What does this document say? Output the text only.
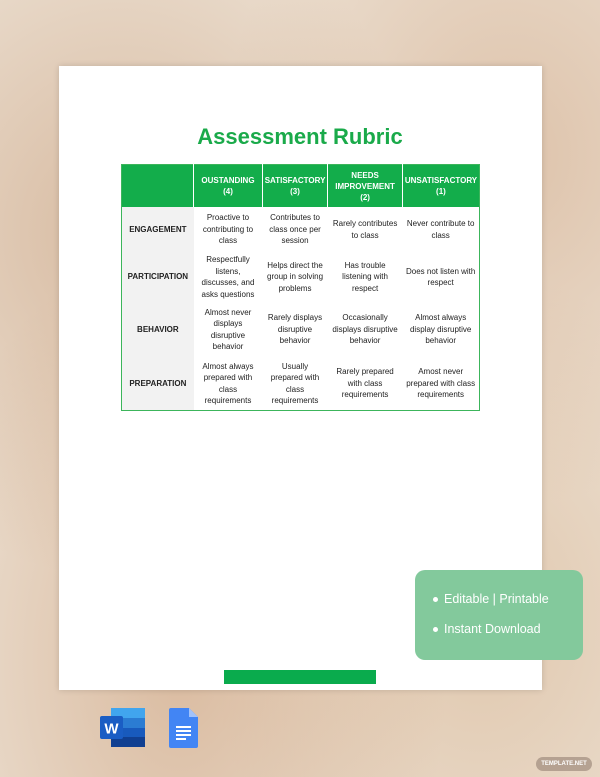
Assessment Rubric
	OUSTANDING (4)	SATISFACTORY (3)	NEEDS IMPROVEMENT (2)	UNSATISFACTORY (1)
ENGAGEMENT	Proactive to contributing to class	Contributes to class once per session	Rarely contributes to class	Never contribute to class
PARTICIPATION	Respectfully listens, discusses, and asks questions	Helps direct the group in solving problems	Has trouble listening with respect	Does not listen with respect
BEHAVIOR	Almost never displays disruptive behavior	Rarely displays disruptive behavior	Occasionally displays disruptive behavior	Almost always display disruptive behavior
PREPARATION	Almost always prepared with class requirements	Usually prepared with class requirements	Rarely prepared with class requirements	Amost never prepared with class requirements
Editable | Printable
Instant Download
W
TEMPLATE.NET
